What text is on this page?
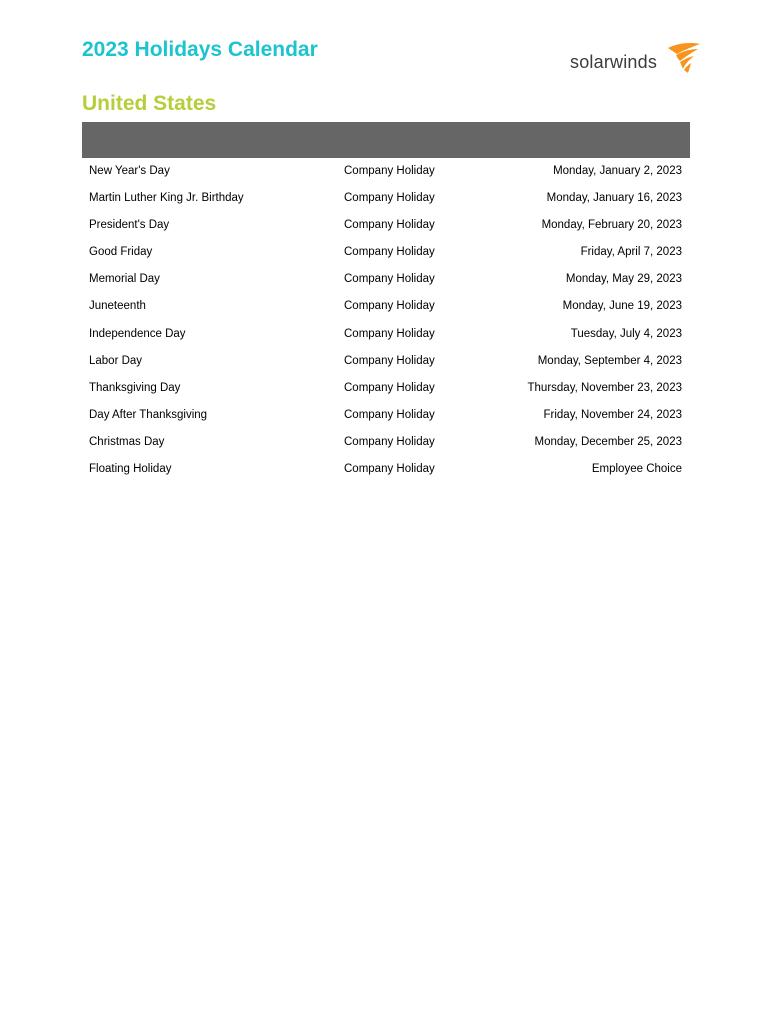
2023 Holidays Calendar
solarwinds
United States
New Year's Day	Company Holiday	Monday, January 2, 2023
Martin Luther King Jr. Birthday	Company Holiday	Monday, January 16, 2023
President's Day	Company Holiday	Monday, February 20, 2023
Good Friday	Company Holiday	Friday, April 7, 2023
Memorial Day	Company Holiday	Monday, May 29, 2023
Juneteenth	Company Holiday	Monday, June 19, 2023
Independence Day	Company Holiday	Tuesday, July 4, 2023
Labor Day	Company Holiday	Monday, September 4, 2023
Thanksgiving Day	Company Holiday	Thursday, November 23, 2023
Day After Thanksgiving	Company Holiday	Friday, November 24, 2023
Christmas Day	Company Holiday	Monday, December 25, 2023
Floating Holiday	Company Holiday	Employee Choice
